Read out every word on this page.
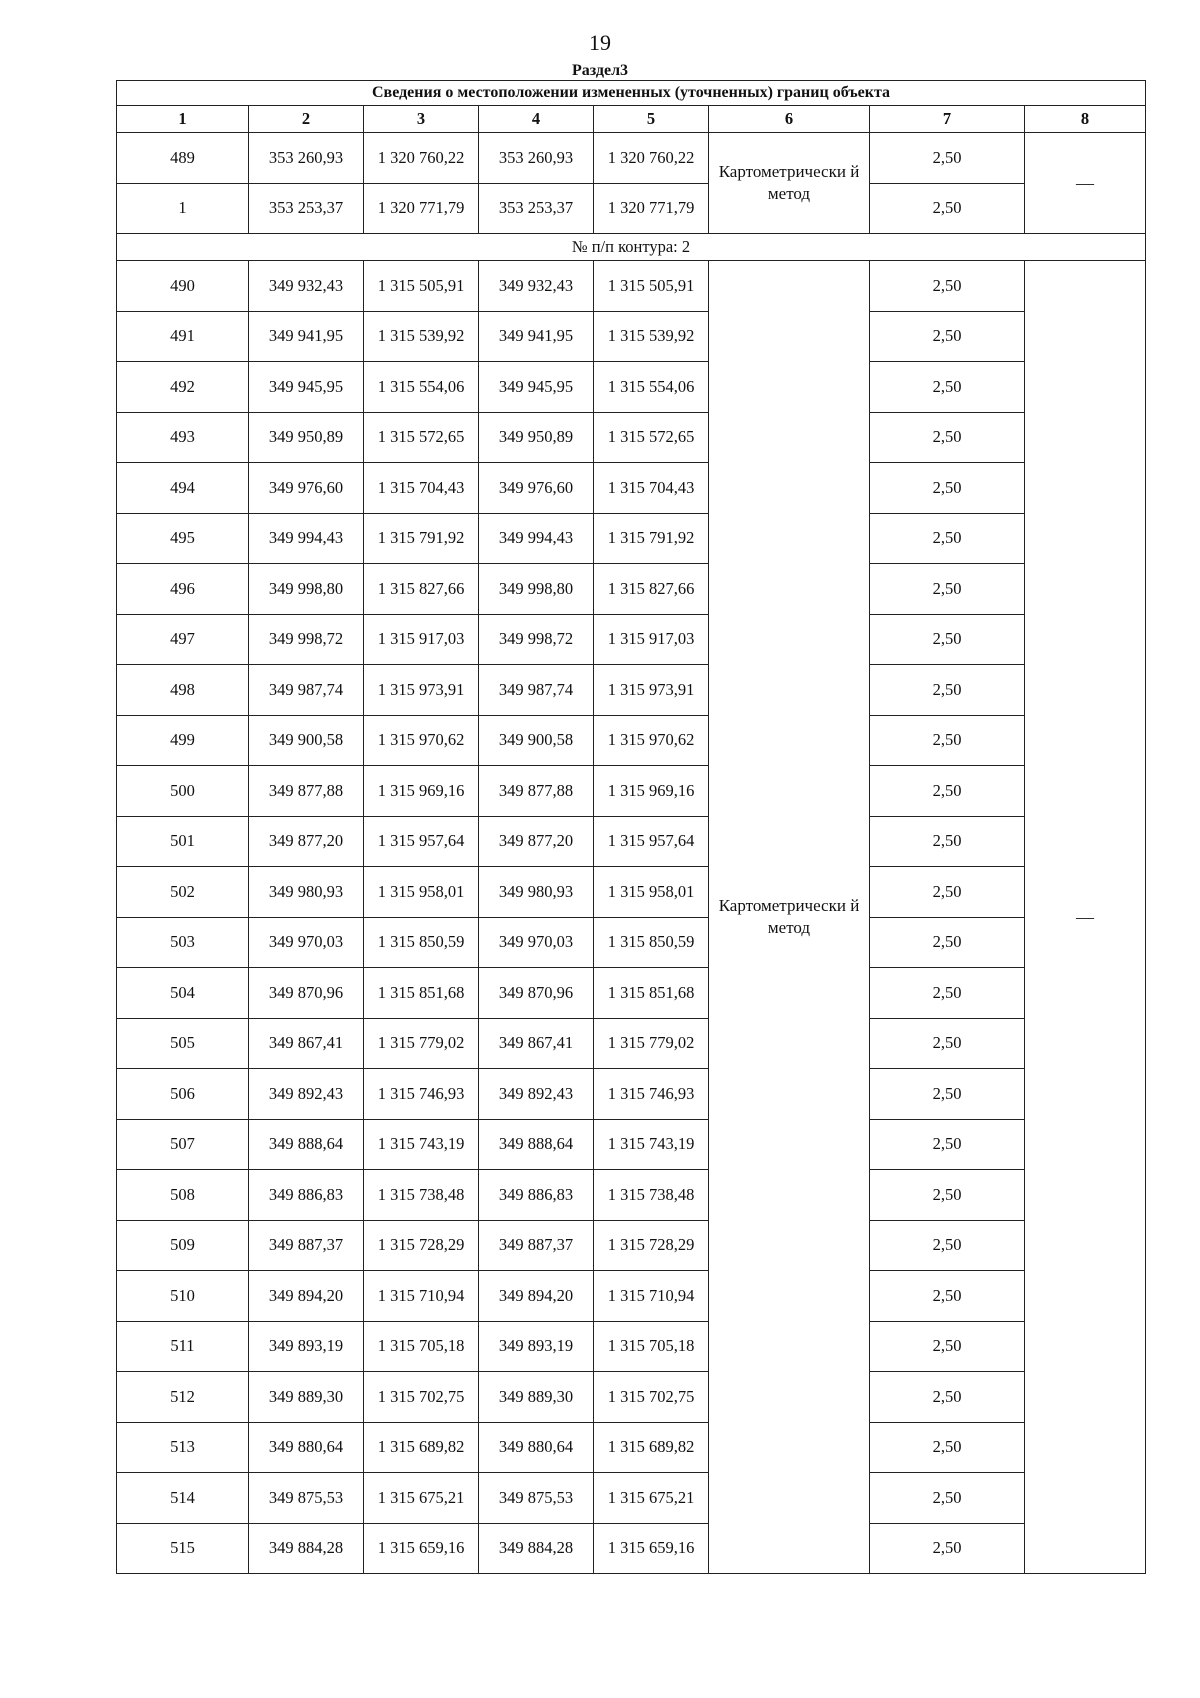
19
Раздел3
Сведения о местоположении измененных (уточненных) границ объекта							
1	2	3	4	5	6	7	8
489	353 260,93	1 320 760,22	353 260,93	1 320 760,22	Картометрически й метод	2,50	—
1	353 253,37	1 320 771,79	353 253,37	1 320 771,79		2,50	
№ п/п контура: 2							
490	349 932,43	1 315 505,91	349 932,43	1 315 505,91	Картометрически й метод	2,50	—
491	349 941,95	1 315 539,92	349 941,95	1 315 539,92		2,50	
492	349 945,95	1 315 554,06	349 945,95	1 315 554,06		2,50	
493	349 950,89	1 315 572,65	349 950,89	1 315 572,65		2,50	
494	349 976,60	1 315 704,43	349 976,60	1 315 704,43		2,50	
495	349 994,43	1 315 791,92	349 994,43	1 315 791,92		2,50	
496	349 998,80	1 315 827,66	349 998,80	1 315 827,66		2,50	
497	349 998,72	1 315 917,03	349 998,72	1 315 917,03		2,50	
498	349 987,74	1 315 973,91	349 987,74	1 315 973,91		2,50	
499	349 900,58	1 315 970,62	349 900,58	1 315 970,62		2,50	
500	349 877,88	1 315 969,16	349 877,88	1 315 969,16		2,50	
501	349 877,20	1 315 957,64	349 877,20	1 315 957,64		2,50	
502	349 980,93	1 315 958,01	349 980,93	1 315 958,01		2,50	
503	349 970,03	1 315 850,59	349 970,03	1 315 850,59		2,50	
504	349 870,96	1 315 851,68	349 870,96	1 315 851,68		2,50	
505	349 867,41	1 315 779,02	349 867,41	1 315 779,02		2,50	
506	349 892,43	1 315 746,93	349 892,43	1 315 746,93		2,50	
507	349 888,64	1 315 743,19	349 888,64	1 315 743,19		2,50	
508	349 886,83	1 315 738,48	349 886,83	1 315 738,48		2,50	
509	349 887,37	1 315 728,29	349 887,37	1 315 728,29		2,50	
510	349 894,20	1 315 710,94	349 894,20	1 315 710,94		2,50	
511	349 893,19	1 315 705,18	349 893,19	1 315 705,18		2,50	
512	349 889,30	1 315 702,75	349 889,30	1 315 702,75		2,50	
513	349 880,64	1 315 689,82	349 880,64	1 315 689,82		2,50	
514	349 875,53	1 315 675,21	349 875,53	1 315 675,21		2,50	
515	349 884,28	1 315 659,16	349 884,28	1 315 659,16		2,50	
